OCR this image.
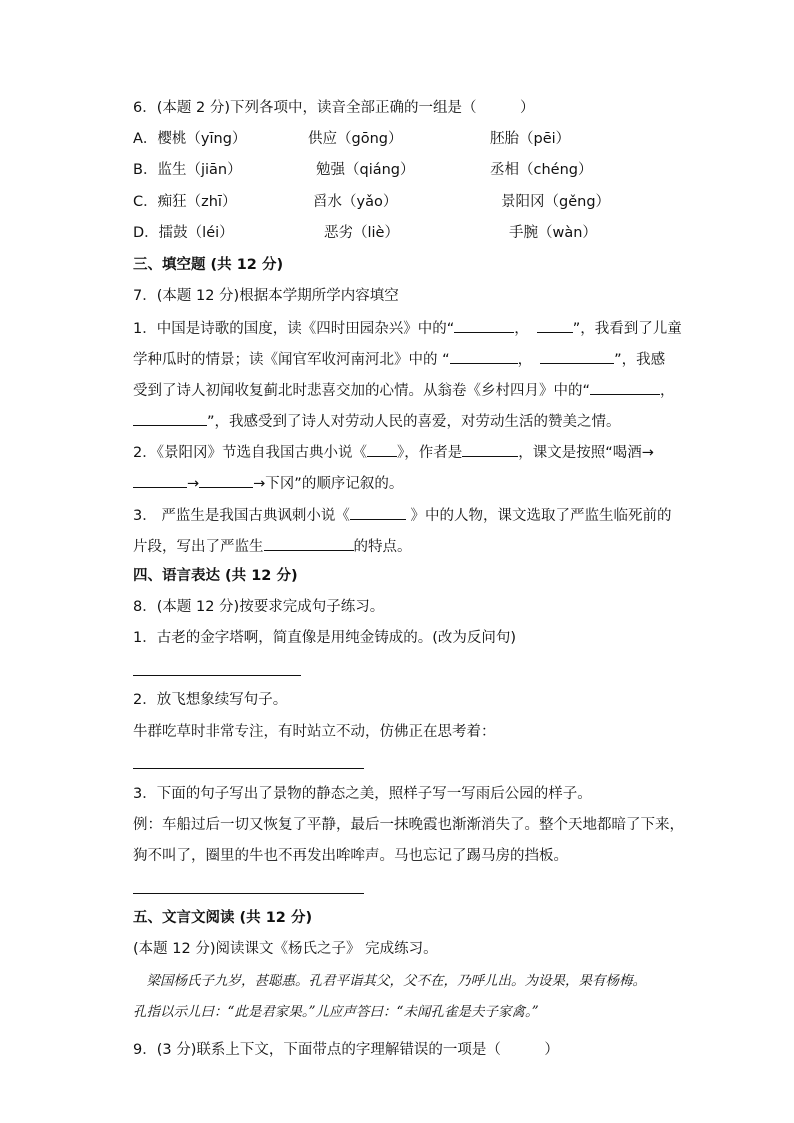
6．(本题 2 分)下列各项中，读音全部正确的一组是（　　　）
A．樱桃（yīng）	供应（gōng）	胚胎（pēi）
B．监生（jiān）	勉强（qiáng）	丞相（chéng）
C．痴狂（zhī）	舀水（yǎo）	景阳冈（gěng）
D．擂鼓（léi）	恶劣（liè）	手腕（wàn）
三、填空题 (共 12 分)
7．(本题 12 分)根据本学期所学内容填空
1．中国是诗歌的国度，读《四时田园杂兴》中的“	，	”，我看到了儿童
学种瓜时的情景；读《闻官军收河南河北》中的 “	，	”，我感
受到了诗人初闻收复蓟北时悲喜交加的心情。从翁卷《乡村四月》中的“	，
”，我感受到了诗人对劳动人民的喜爱，对劳动生活的赞美之情。
2．《景阳冈》节选自我国古典小说《 》，作者是	，课文是按照“喝酒→
→	→下冈”的顺序记叙的。
3． 严监生是我国古典讽刺小说《	》中的人物，课文选取了严监生临死前的
片段，写出了严监生	的特点。
四、语言表达 (共 12 分)
8．(本题 12 分)按要求完成句子练习。
1．古老的金字塔啊，简直像是用纯金铸成的。(改为反问句)
2．放飞想象续写句子。
牛群吃草时非常专注，有时站立不动，仿佛正在思考着：
3．下面的句子写出了景物的静态之美，照样子写一写雨后公园的样子。
例：车船过后一切又恢复了平静，最后一抹晚霞也渐渐消失了。整个天地都暗了下来，
狗不叫了，圈里的牛也不再发出哞哞声。马也忘记了踢马房的挡板。
五、文言文阅读 (共 12 分)
(本题 12 分)阅读课文《杨氏之子》 完成练习。
　梁国杨氏子九岁，甚聪惠。孔君平诣其父，父不在，乃呼儿出。为设果，果有杨梅。
孔指以示儿曰：“此是君家果。”儿应声答曰：“未闻孔雀是夫子家禽。”
9．(3 分)联系上下文，下面带点的字理解错误的一项是（　　　）
